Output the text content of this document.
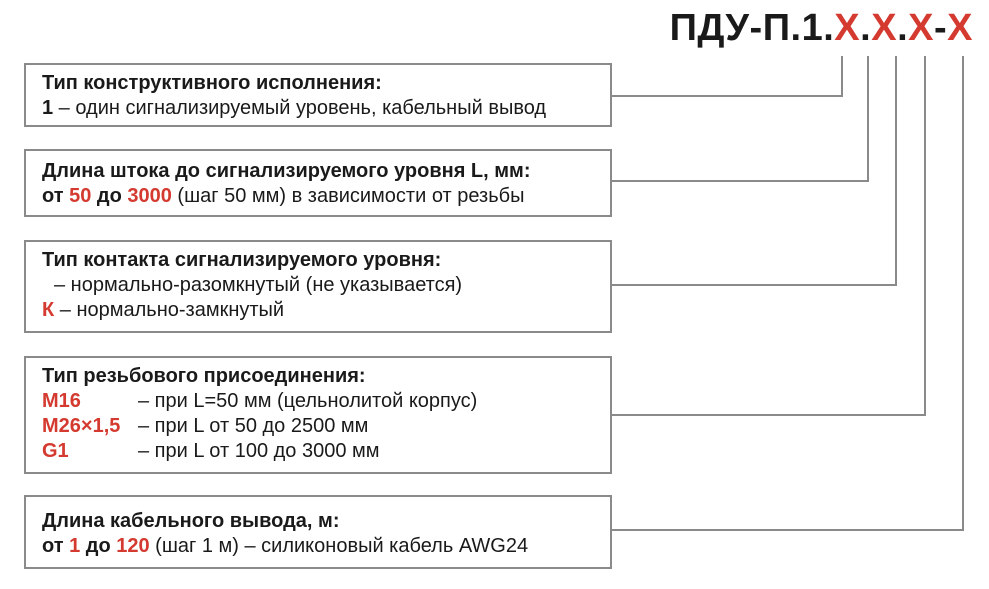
ПДУ-П.1.X.X.X-X
Тип конструктивного исполнения:
1 – один сигнализируемый уровень, кабельный вывод
Длина штока до сигнализируемого уровня L, мм:
от 50 до 3000 (шаг 50 мм) в зависимости от резьбы
Тип контакта сигнализируемого уровня:
– нормально-разомкнутый (не указывается)
К – нормально-замкнутый
Тип резьбового присоединения:
M16	– при L=50 мм (цельнолитой корпус)
M26×1,5 – при L от 50 до 2500 мм
G1	– при L от 100 до 3000 мм
Длина кабельного вывода, м:
от 1 до 120 (шаг 1 м) – силиконовый кабель AWG24
